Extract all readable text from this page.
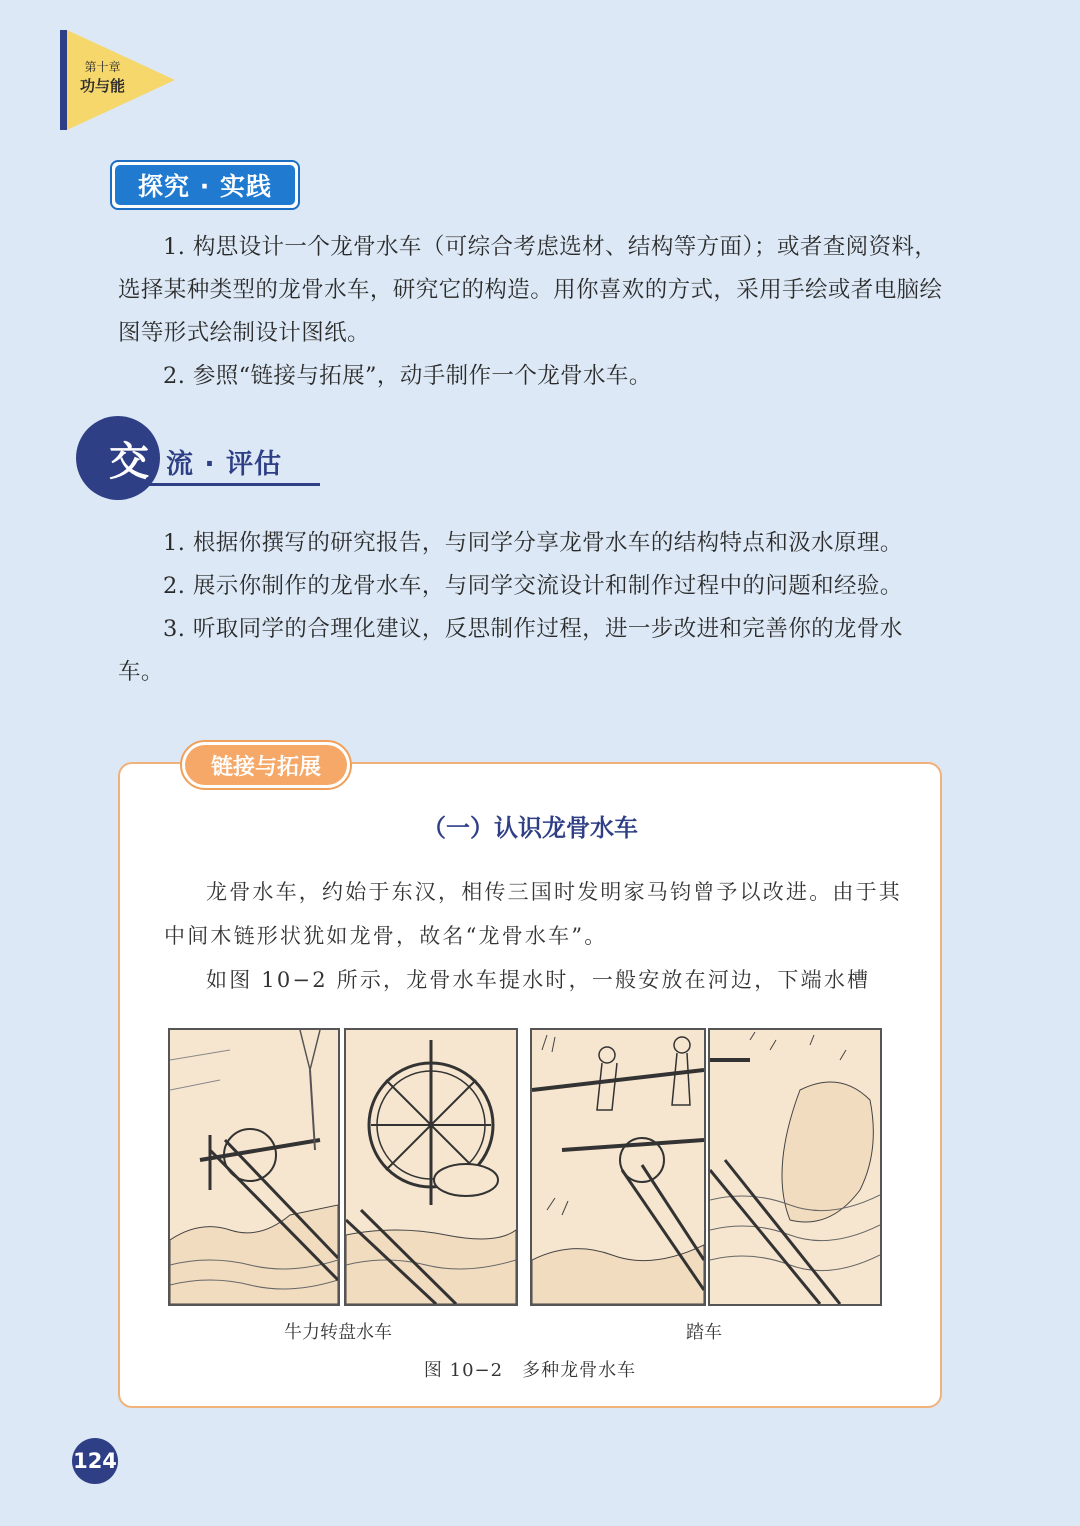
第十章
功与能
探究 · 实践

1. 构思设计一个龙骨水车（可综合考虑选材、结构等方面）；或者查阅资料，选择某种类型的龙骨水车，研究它的构造。用你喜欢的方式，采用手绘或者电脑绘图等形式绘制设计图纸。

2. 参照“链接与拓展”，动手制作一个龙骨水车。

交 流 · 评估

1. 根据你撰写的研究报告，与同学分享龙骨水车的结构特点和汲水原理。

2. 展示你制作的龙骨水车，与同学交流设计和制作过程中的问题和经验。

3. 听取同学的合理化建议，反思制作过程，进一步改进和完善你的龙骨水车。

链接与拓展
（一）认识龙骨水车

龙骨水车，约始于东汉，相传三国时发明家马钧曾予以改进。由于其中间木链形状犹如龙骨，故名“龙骨水车”。

如图 10−2 所示，龙骨水车提水时，一般安放在河边，下端水槽

牛力转盘水车	踏车
图 10−2　多种龙骨水车
124
